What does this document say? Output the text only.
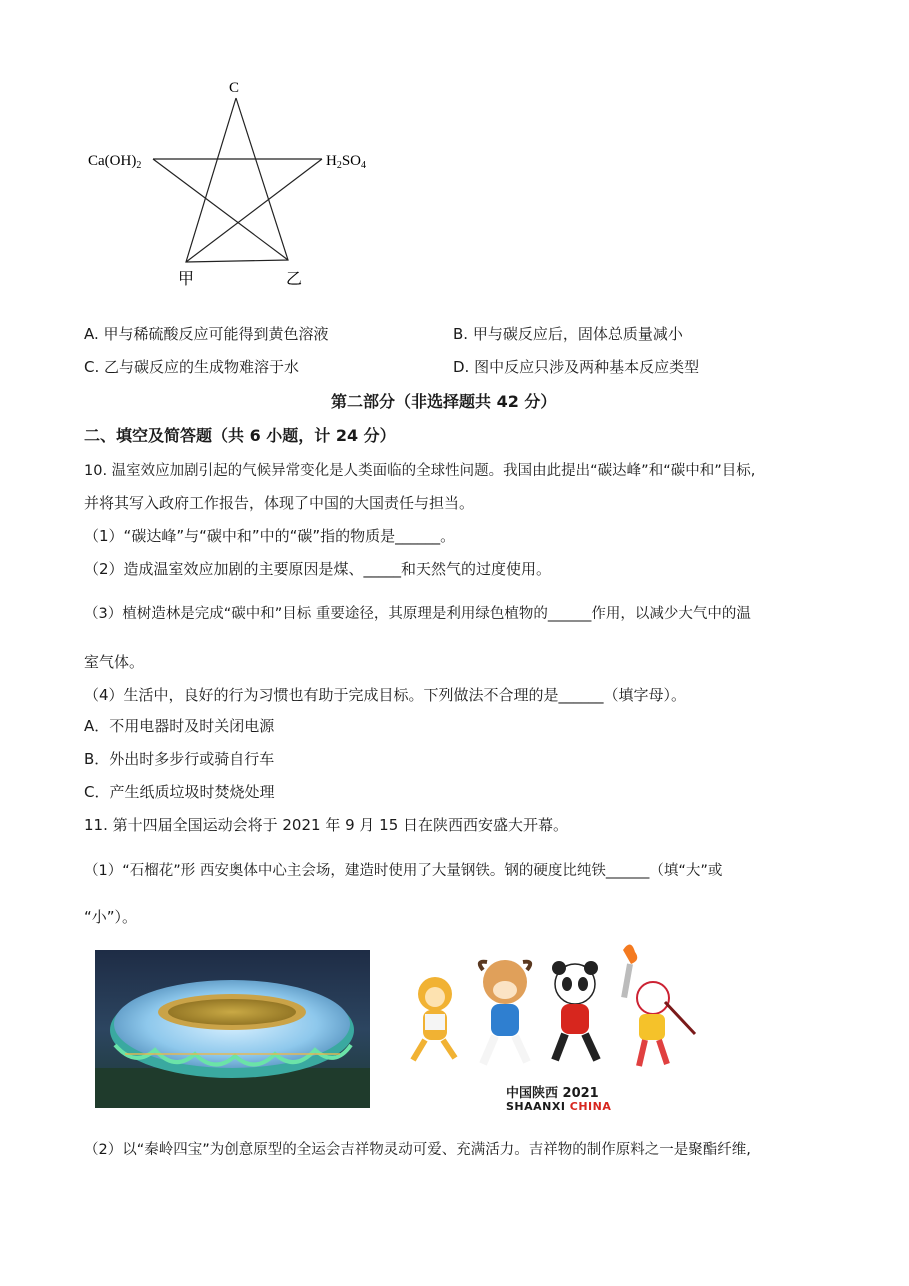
C
$Ca(OH)_2$	$H_2SO_4$
甲	乙
A. 甲与稀硫酸反应可能得到黄色溶液	B. 甲与碳反应后，固体总质量减小
C. 乙与碳反应的生成物难溶于水	D. 图中反应只涉及两种基本反应类型
第二部分（非选择题共 42 分）
二、填空及简答题（共 6 小题，计 24 分）
10. 温室效应加剧引起的气候异常变化是人类面临的全球性问题。我国由此提出“碳达峰”和“碳中和”目标,
并将其写入政府工作报告，体现了中国的大国责任与担当。
（1）“碳达峰”与“碳中和”中的“碳”指的物质是______。
（2）造成温室效应加剧的主要原因是煤、_____和天然气的过度使用。
（3）植树造林是完成“碳中和”目标 重要途径，其原理是利用绿色植物的______作用，以减少大气中的温
室气体。
（4）生活中，良好的行为习惯也有助于完成目标。下列做法不合理的是______（填字母）。
A．不用电器时及时关闭电源
B．外出时多步行或骑自行车
C．产生纸质垃圾时焚烧处理
11. 第十四届全国运动会将于 2021 年 9 月 15 日在陕西西安盛大开幕。
（1）“石榴花”形 西安奥体中心主会场，建造时使用了大量钢铁。钢的硬度比纯铁______（填“大”或
“小”）。
中国陕西 2021
SHAANXI CHINA
（2）以“秦岭四宝”为创意原型的全运会吉祥物灵动可爱、充满活力。吉祥物的制作原料之一是聚酯纤维,
